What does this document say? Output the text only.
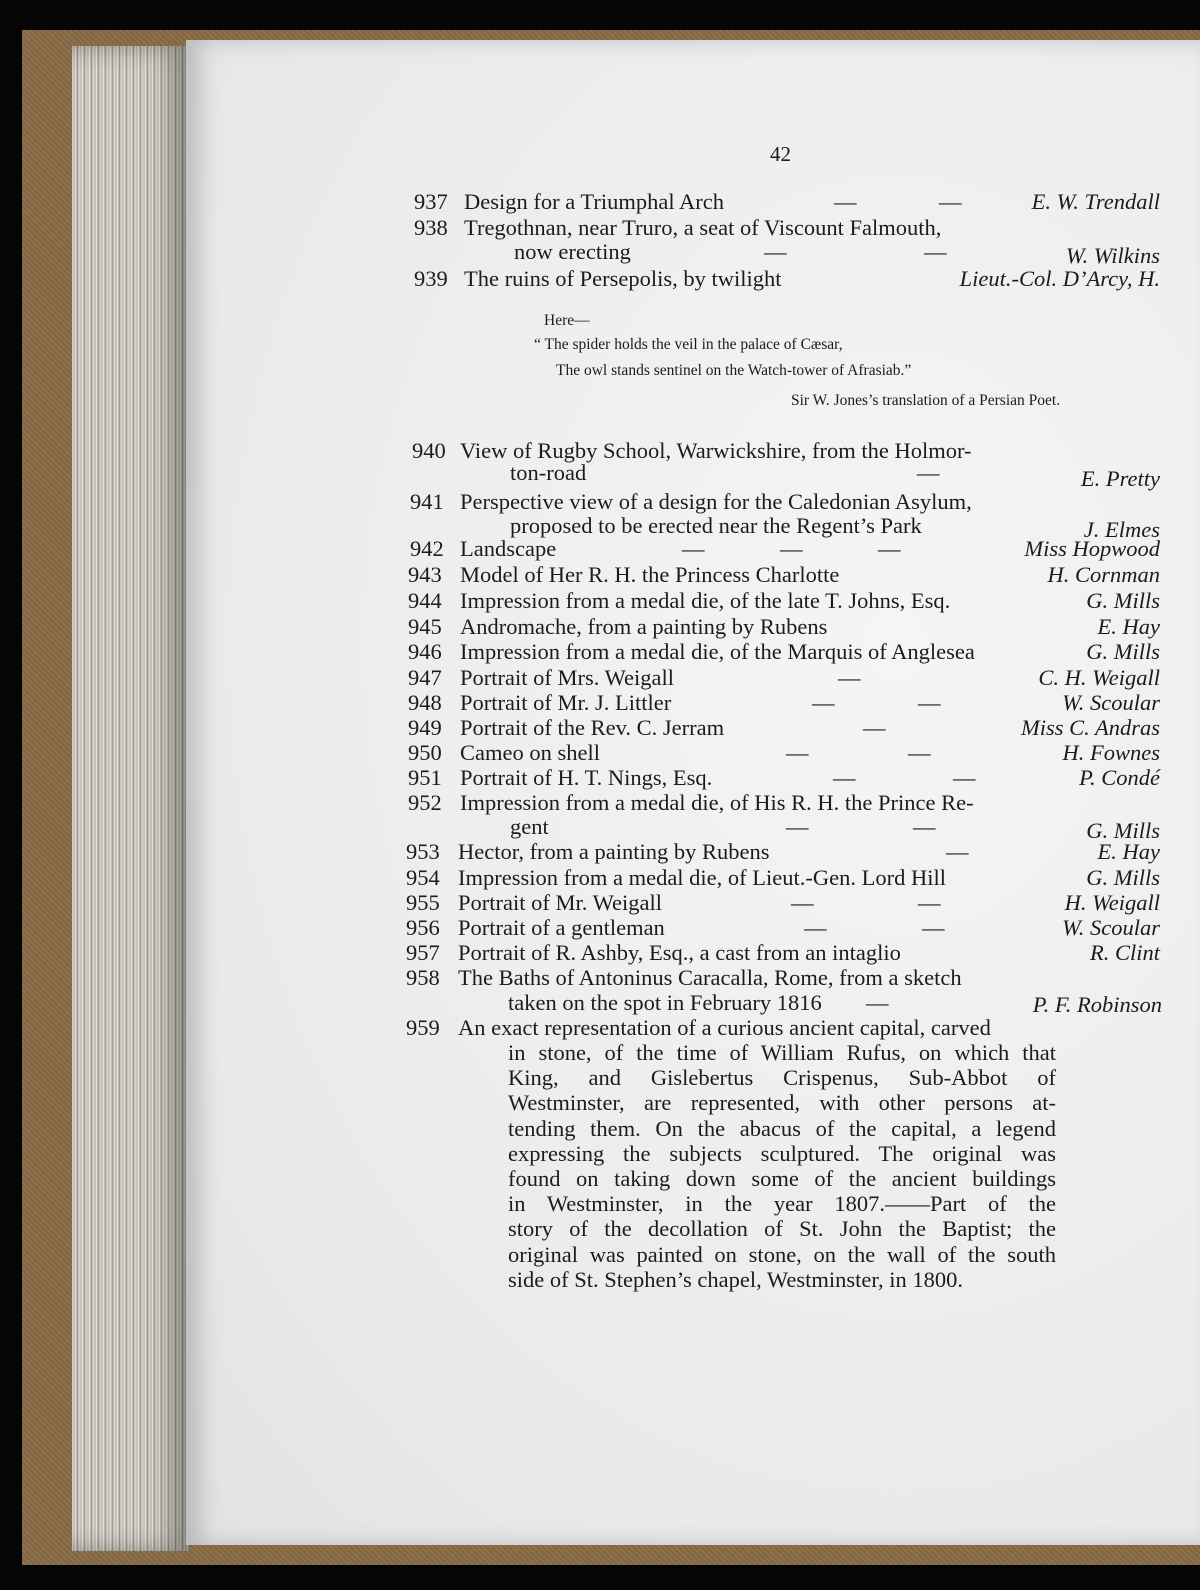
42
937 Design for a Triumphal Arch	—	—	E. W. Trendall
938 Tregothnan, near Truro, a seat of Viscount Falmouth,
now erecting	—	—	W. Wilkins
939 The ruins of Persepolis, by twilight	Lieut.-Col. D’Arcy, H.
Here—
“ The spider holds the veil in the palace of Cæsar,
The owl stands sentinel on the Watch-tower of Afrasiab.”
Sir W. Jones’s translation of a Persian Poet.
940 View of Rugby School, Warwickshire, from the Holmor-
ton-road	—	E. Pretty
941 Perspective view of a design for the Caledonian Asylum,
proposed to be erected near the Regent’s Park	J. Elmes
942 Landscape	—	—	—	Miss Hopwood
943 Model of Her R. H. the Princess Charlotte	H. Cornman
944 Impression from a medal die, of the late T. Johns, Esq.	G. Mills
945 Andromache, from a painting by Rubens	E. Hay
946 Impression from a medal die, of the Marquis of Anglesea	G. Mills
947 Portrait of Mrs. Weigall	—	C. H. Weigall
948 Portrait of Mr. J. Littler	—	—	W. Scoular
949 Portrait of the Rev. C. Jerram	—	Miss C. Andras
950 Cameo on shell	—	—	H. Fownes
951 Portrait of H. T. Nings, Esq.	—	—	P. Condé
952 Impression from a medal die, of His R. H. the Prince Re-
gent	—	—	G. Mills
953 Hector, from a painting by Rubens	—	E. Hay
954 Impression from a medal die, of Lieut.-Gen. Lord Hill	G. Mills
955 Portrait of Mr. Weigall	—	—	H. Weigall
956 Portrait of a gentleman	—	—	W. Scoular
957 Portrait of R. Ashby, Esq., a cast from an intaglio	R. Clint
958 The Baths of Antoninus Caracalla, Rome, from a sketch
taken on the spot in February 1816 —	P. F. Robinson
959 An exact representation of a curious ancient capital, carved
in stone, of the time of William Rufus, on which that
King, and Gislebertus Crispenus, Sub-Abbot of
Westminster, are represented, with other persons at-
tending them. On the abacus of the capital, a legend
expressing the subjects sculptured. The original was
found on taking down some of the ancient buildings
in Westminster, in the year 1807.——Part of the
story of the decollation of St. John the Baptist; the
original was painted on stone, on the wall of the south
side of St. Stephen’s chapel, Westminster, in 1800.
